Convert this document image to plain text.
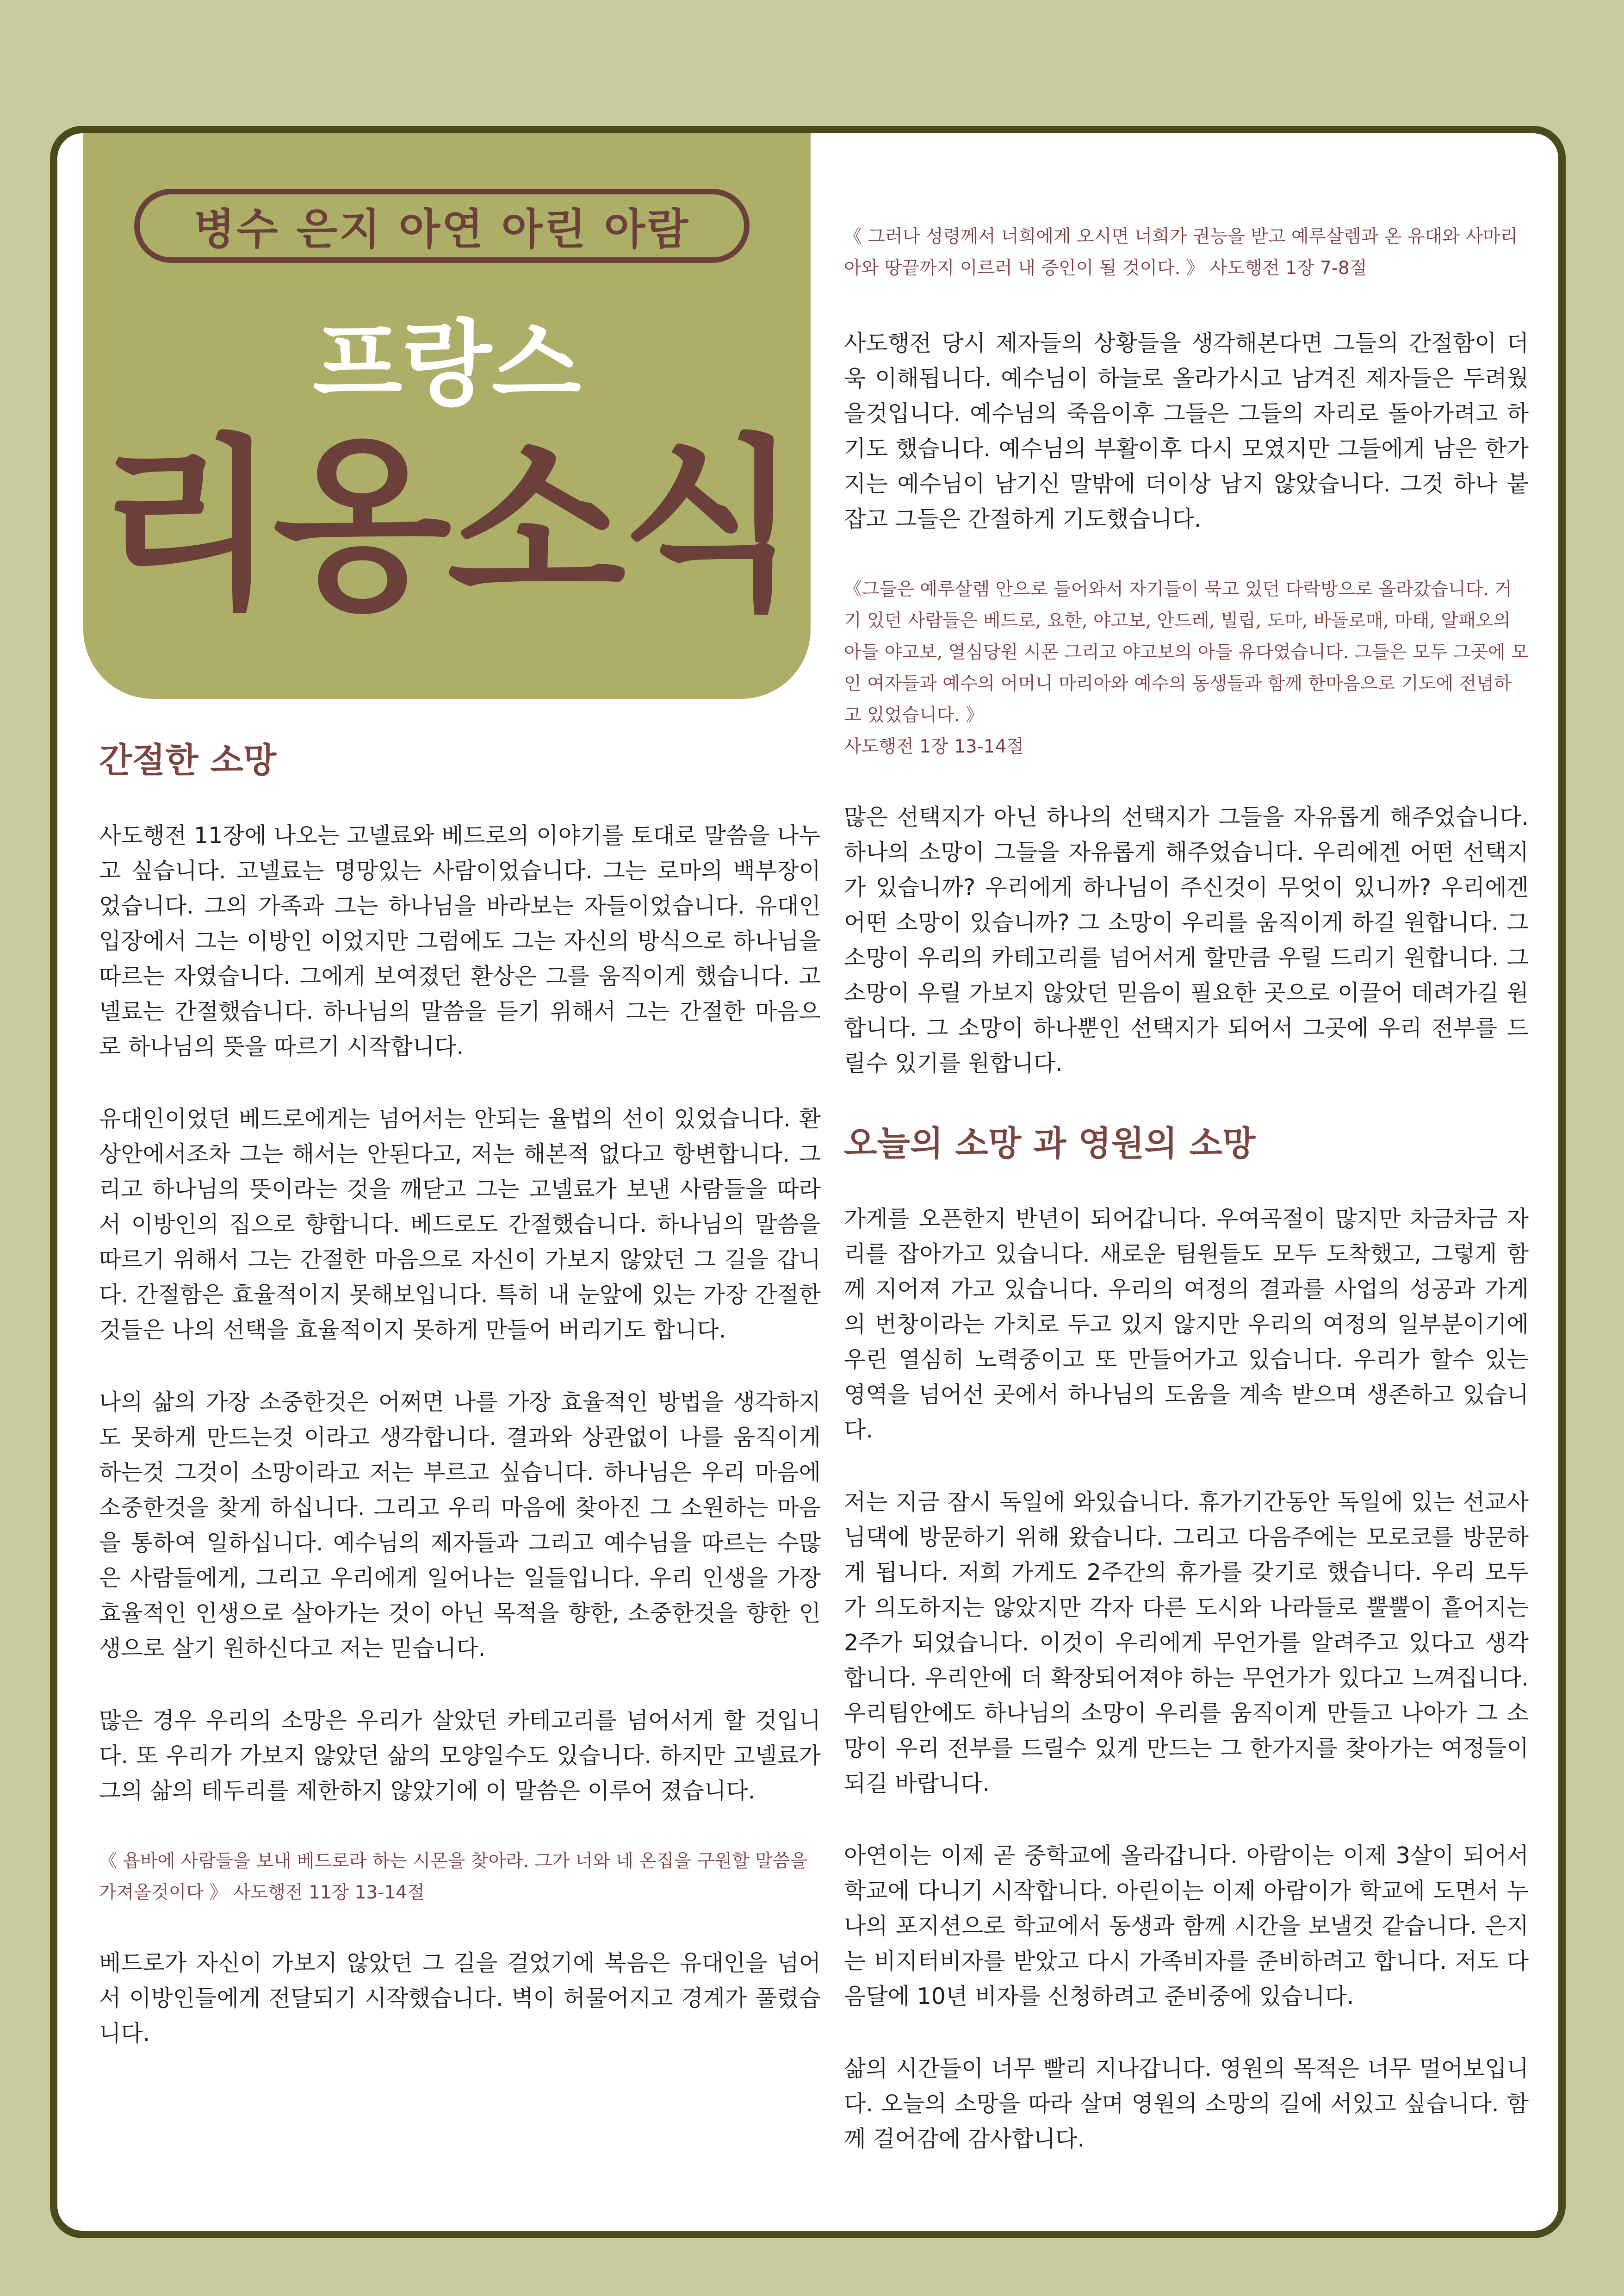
병수 은지 아연 아린 아람
프랑스
리옹소식
간절한 소망

사도행전 11장에 나오는 고넬료와 베드로의 이야기를 토대로 말씀을 나누고 싶습니다. 고넬료는 명망있는 사람이었습니다. 그는 로마의 백부장이었습니다. 그의 가족과 그는 하나님을 바라보는 자들이었습니다. 유대인 입장에서 그는 이방인 이었지만 그럼에도 그는 자신의 방식으로 하나님을 따르는 자였습니다. 그에게 보여졌던 환상은 그를 움직이게 했습니다. 고넬료는 간절했습니다. 하나님의 말씀을 듣기 위해서 그는 간절한 마음으로 하나님의 뜻을 따르기 시작합니다.

유대인이었던 베드로에게는 넘어서는 안되는 율법의 선이 있었습니다. 환상안에서조차 그는 해서는 안된다고, 저는 해본적 없다고 항변합니다. 그리고 하나님의 뜻이라는 것을 깨닫고 그는 고넬료가 보낸 사람들을 따라서 이방인의 집으로 향합니다. 베드로도 간절했습니다. 하나님의 말씀을 따르기 위해서 그는 간절한 마음으로 자신이 가보지 않았던 그 길을 갑니다. 간절함은 효율적이지 못해보입니다. 특히 내 눈앞에 있는 가장 간절한 것들은 나의 선택을 효율적이지 못하게 만들어 버리기도 합니다.

나의 삶의 가장 소중한것은 어쩌면 나를 가장 효율적인 방법을 생각하지도 못하게 만드는것 이라고 생각합니다. 결과와 상관없이 나를 움직이게 하는것 그것이 소망이라고 저는 부르고 싶습니다. 하나님은 우리 마음에 소중한것을 찾게 하십니다. 그리고 우리 마음에 찾아진 그 소원하는 마음을 통하여 일하십니다. 예수님의 제자들과 그리고 예수님을 따르는 수많은 사람들에게, 그리고 우리에게 일어나는 일들입니다. 우리 인생을 가장 효율적인 인생으로 살아가는 것이 아닌 목적을 향한, 소중한것을 향한 인생으로 살기 원하신다고 저는 믿습니다.

많은 경우 우리의 소망은 우리가 살았던 카테고리를 넘어서게 할 것입니다. 또 우리가 가보지 않았던 삶의 모양일수도 있습니다. 하지만 고넬료가 그의 삶의 테두리를 제한하지 않았기에 이 말씀은 이루어 졌습니다.

《 욥바에 사람들을 보내 베드로라 하는 시몬을 찾아라. 그가 너와 네 온집을 구원할 말씀을 가져올것이다 》 사도행전 11장 13-14절

베드로가 자신이 가보지 않았던 그 길을 걸었기에 복음은 유대인을 넘어서 이방인들에게 전달되기 시작했습니다. 벽이 허물어지고 경계가 풀렸습니다.

《 그러나 성령께서 너희에게 오시면 너희가 권능을 받고 예루살렘과 온 유대와 사마리아와 땅끝까지 이르러 내 증인이 될 것이다. 》 사도행전 1장 7-8절

사도행전 당시 제자들의 상황들을 생각해본다면 그들의 간절함이 더욱 이해됩니다. 예수님이 하늘로 올라가시고 남겨진 제자들은 두려웠을것입니다. 예수님의 죽음이후 그들은 그들의 자리로 돌아가려고 하기도 했습니다. 예수님의 부활이후 다시 모였지만 그들에게 남은 한가지는 예수님이 남기신 말밖에 더이상 남지 않았습니다. 그것 하나 붙잡고 그들은 간절하게 기도했습니다.

《그들은 예루살렘 안으로 들어와서 자기들이 묵고 있던 다락방으로 올라갔습니다. 거기 있던 사람들은 베드로, 요한, 야고보, 안드레, 빌립, 도마, 바돌로매, 마태, 알패오의 아들 야고보, 열심당원 시몬 그리고 야고보의 아들 유다였습니다. 그들은 모두 그곳에 모인 여자들과 예수의 어머니 마리아와 예수의 동생들과 함께 한마음으로 기도에 전념하고 있었습니다. 》
사도행전 1장 13-14절

많은 선택지가 아닌 하나의 선택지가 그들을 자유롭게 해주었습니다. 하나의 소망이 그들을 자유롭게 해주었습니다. 우리에겐 어떤 선택지가 있습니까? 우리에게 하나님이 주신것이 무엇이 있니까? 우리에겐 어떤 소망이 있습니까? 그 소망이 우리를 움직이게 하길 원합니다. 그 소망이 우리의 카테고리를 넘어서게 할만큼 우릴 드리기 원합니다. 그 소망이 우릴 가보지 않았던 믿음이 필요한 곳으로 이끌어 데려가길 원합니다. 그 소망이 하나뿐인 선택지가 되어서 그곳에 우리 전부를 드릴수 있기를 원합니다.

오늘의 소망 과 영원의 소망

가게를 오픈한지 반년이 되어갑니다. 우여곡절이 많지만 차금차금 자리를 잡아가고 있습니다. 새로운 팀원들도 모두 도착했고, 그렇게 함께 지어져 가고 있습니다. 우리의 여정의 결과를 사업의 성공과 가게의 번창이라는 가치로 두고 있지 않지만 우리의 여정의 일부분이기에 우린 열심히 노력중이고 또 만들어가고 있습니다. 우리가 할수 있는 영역을 넘어선 곳에서 하나님의 도움을 계속 받으며 생존하고 있습니다.

저는 지금 잠시 독일에 와있습니다. 휴가기간동안 독일에 있는 선교사님댁에 방문하기 위해 왔습니다. 그리고 다음주에는 모로코를 방문하게 됩니다. 저희 가게도 2주간의 휴가를 갖기로 했습니다. 우리 모두가 의도하지는 않았지만 각자 다른 도시와 나라들로 뿔뿔이 흩어지는 2주가 되었습니다. 이것이 우리에게 무언가를 알려주고 있다고 생각합니다. 우리안에 더 확장되어져야 하는 무언가가 있다고 느껴집니다. 우리팀안에도 하나님의 소망이 우리를 움직이게 만들고 나아가 그 소망이 우리 전부를 드릴수 있게 만드는 그 한가지를 찾아가는 여정들이 되길 바랍니다.

아연이는 이제 곧 중학교에 올라갑니다. 아람이는 이제 3살이 되어서 학교에 다니기 시작합니다. 아린이는 이제 아람이가 학교에 도면서 누나의 포지션으로 학교에서 동생과 함께 시간을 보낼것 같습니다. 은지는 비지터비자를 받았고 다시 가족비자를 준비하려고 합니다. 저도 다음달에 10년 비자를 신청하려고 준비중에 있습니다.

삶의 시간들이 너무 빨리 지나갑니다. 영원의 목적은 너무 멀어보입니다. 오늘의 소망을 따라 살며 영원의 소망의 길에 서있고 싶습니다. 함께 걸어감에 감사합니다.
